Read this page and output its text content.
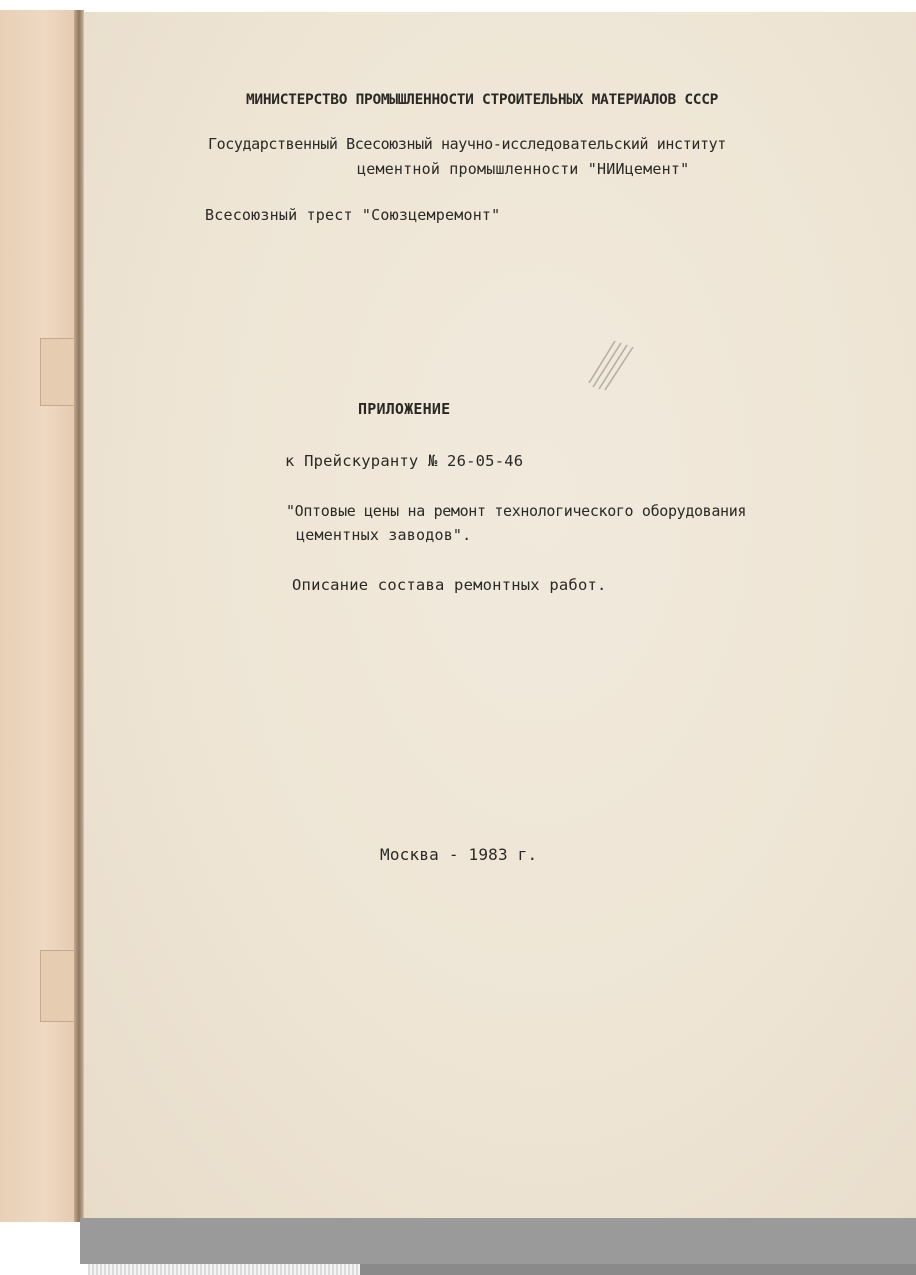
МИНИСТЕРСТВО ПРОМЫШЛЕННОСТИ СТРОИТЕЛЬНЫХ МАТЕРИАЛОВ СССР

Государственный Всесоюзный научно-исследовательский институт

цементной промышленности "НИИцемент"

Всесоюзный трест "Союзцемремонт"

ПРИЛОЖЕНИЕ

к Прейскуранту № 26-05-46

"Оптовые цены на ремонт технологического оборудования

цементных заводов".

Описание состава ремонтных работ.

Москва - 1983 г.
